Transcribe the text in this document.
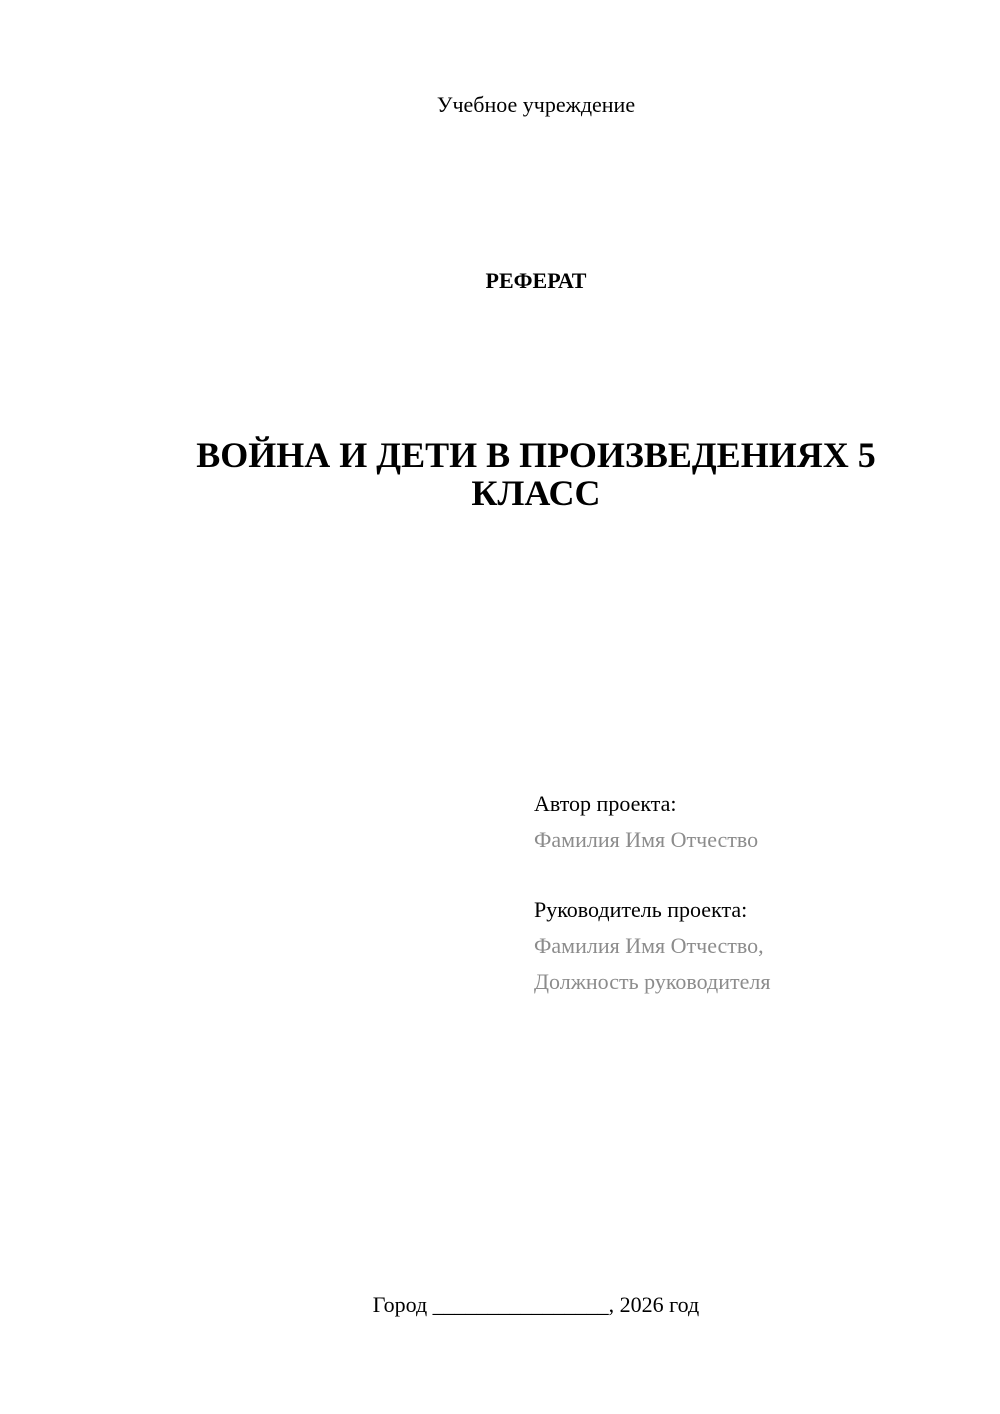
Учебное учреждение
РЕФЕРАТ
ВОЙНА И ДЕТИ В ПРОИЗВЕДЕНИЯХ 5 КЛАСС
Автор проекта:
Фамилия Имя Отчество
Руководитель проекта:
Фамилия Имя Отчество,
Должность руководителя
Город ________________, 2026 год
